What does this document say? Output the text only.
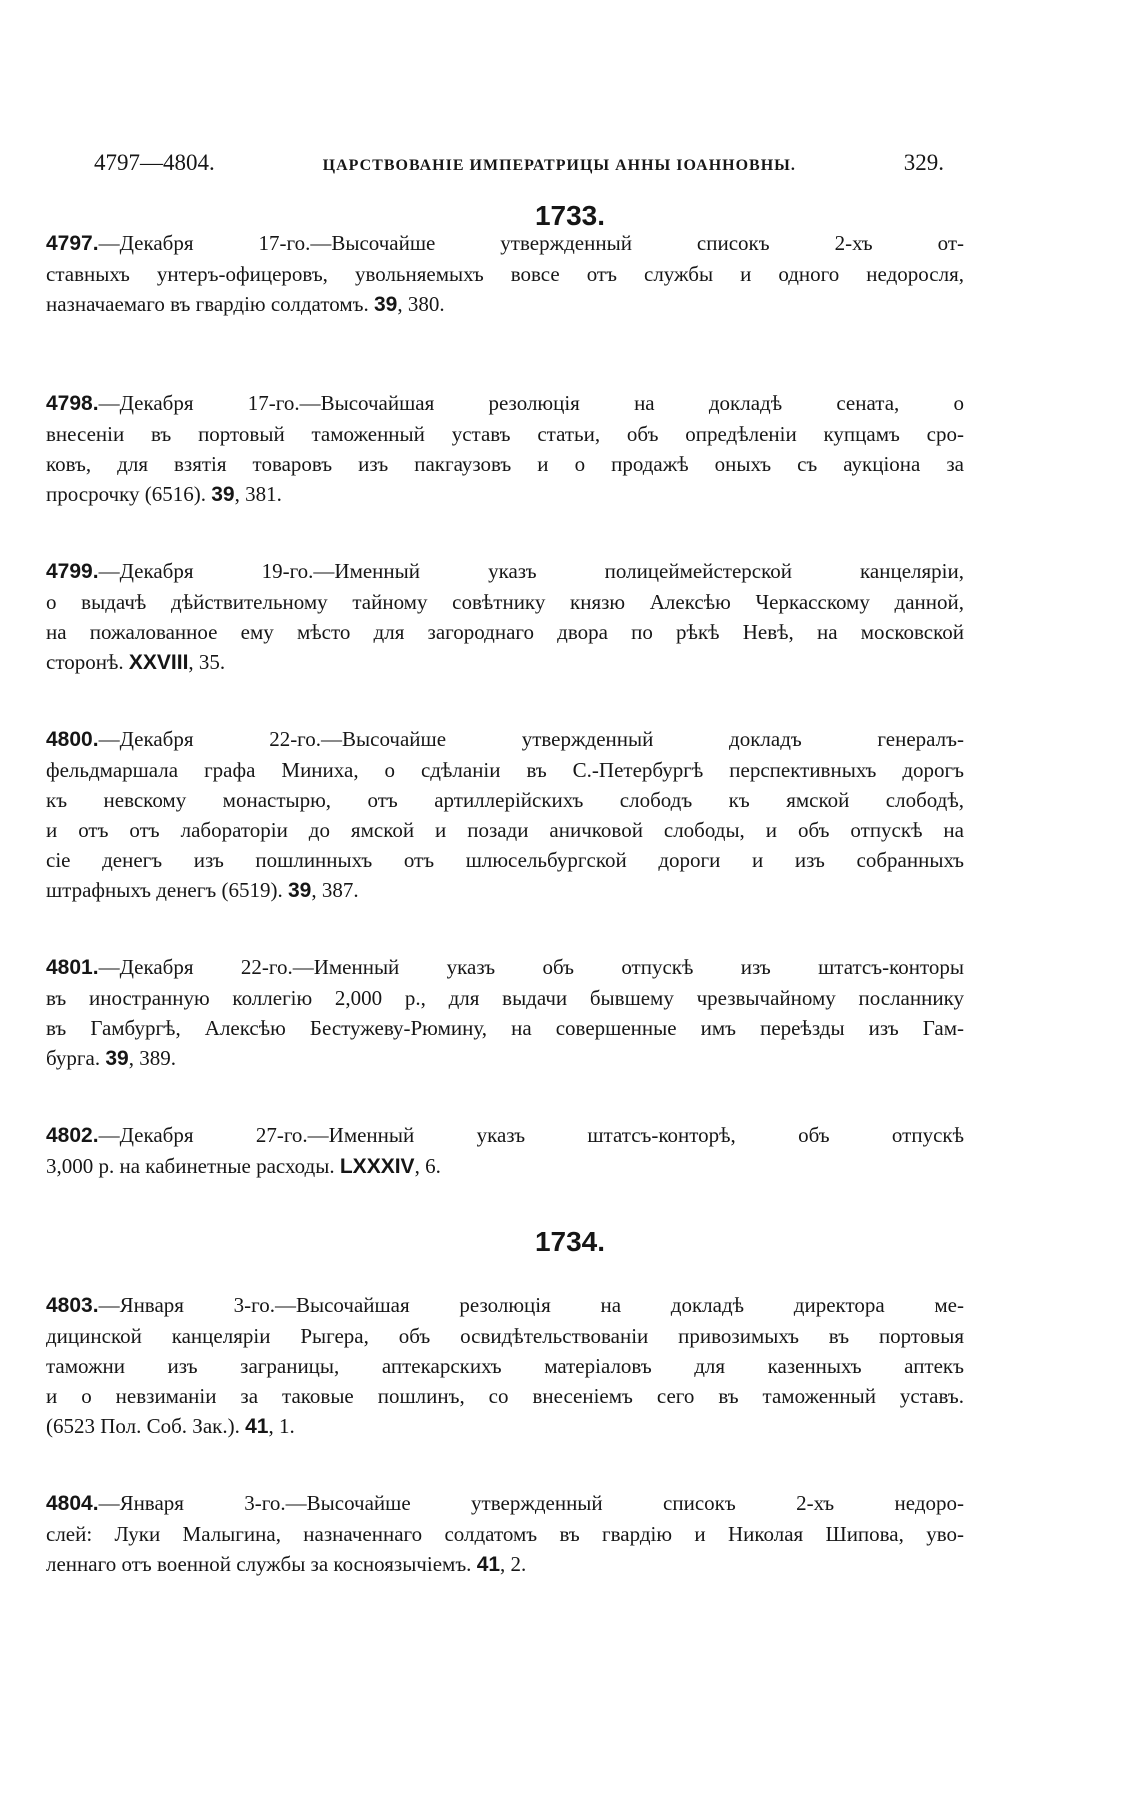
4797—4804.	ЦАРСТВОВАНІЕ ИМПЕРАТРИЦЫ АННЫ ІОАННОВНЫ.	329.
1733.
4797.—Декабря 17-го.—Высочайше утвержденный списокъ 2-хъ от-
ставныхъ унтеръ-офицеровъ, увольняемыхъ вовсе отъ службы и одного недоросля,
назначаемаго въ гвардію солдатомъ. 39, 380.
4798.—Декабря 17-го.—Высочайшая резолюція на докладѣ сената, о
внесеніи въ портовый таможенный уставъ статьи, объ опредѣленіи купцамъ сро-
ковъ, для взятія товаровъ изъ пакгаузовъ и о продажѣ оныхъ съ аукціона за
просрочку (6516). 39, 381.
4799.—Декабря 19-го.—Именный указъ полицеймейстерской канцеляріи,
о выдачѣ дѣйствительному тайному совѣтнику князю Алексѣю Черкасскому данной,
на пожалованное ему мѣсто для загороднаго двора по рѣкѣ Невѣ, на московской
сторонѣ. XXVIII, 35.
4800.—Декабря 22-го.—Высочайше утвержденный докладъ генералъ-
фельдмаршала графа Миниха, о сдѣланіи въ С.-Петербургѣ перспективныхъ дорогъ
къ невскому монастырю, отъ артиллерійскихъ слободъ къ ямской слободѣ,
и отъ отъ лабораторіи до ямской и позади аничковой слободы, и объ отпускѣ на
сіе денегъ изъ пошлинныхъ отъ шлюсельбургской дороги и изъ собранныхъ
штрафныхъ денегъ (6519). 39, 387.
4801.—Декабря 22-го.—Именный указъ объ отпускѣ изъ штатсъ-конторы
въ иностранную коллегію 2,000 р., для выдачи бывшему чрезвычайному посланнику
въ Гамбургѣ, Алексѣю Бестужеву-Рюмину, на совершенные имъ переѣзды изъ Гам-
бурга. 39, 389.
4802.—Декабря 27-го.—Именный указъ штатсъ-конторѣ, объ отпускѣ
3,000 р. на кабинетные расходы. LXXXIV, 6.
1734.
4803.—Января 3-го.—Высочайшая резолюція на докладѣ директора ме-
дицинской канцеляріи Рыгера, объ освидѣтельствованіи привозимыхъ въ портовыя
таможни изъ заграницы, аптекарскихъ матеріаловъ для казенныхъ аптекъ
и о невзиманіи за таковые пошлинъ, со внесеніемъ сего въ таможенный уставъ.
(6523 Пол. Соб. Зак.). 41, 1.
4804.—Января 3-го.—Высочайше утвержденный списокъ 2-хъ недоро-
слей: Луки Малыгина, назначеннаго солдатомъ въ гвардію и Николая Шипова, уво-
леннаго отъ военной службы за косноязычіемъ. 41, 2.
